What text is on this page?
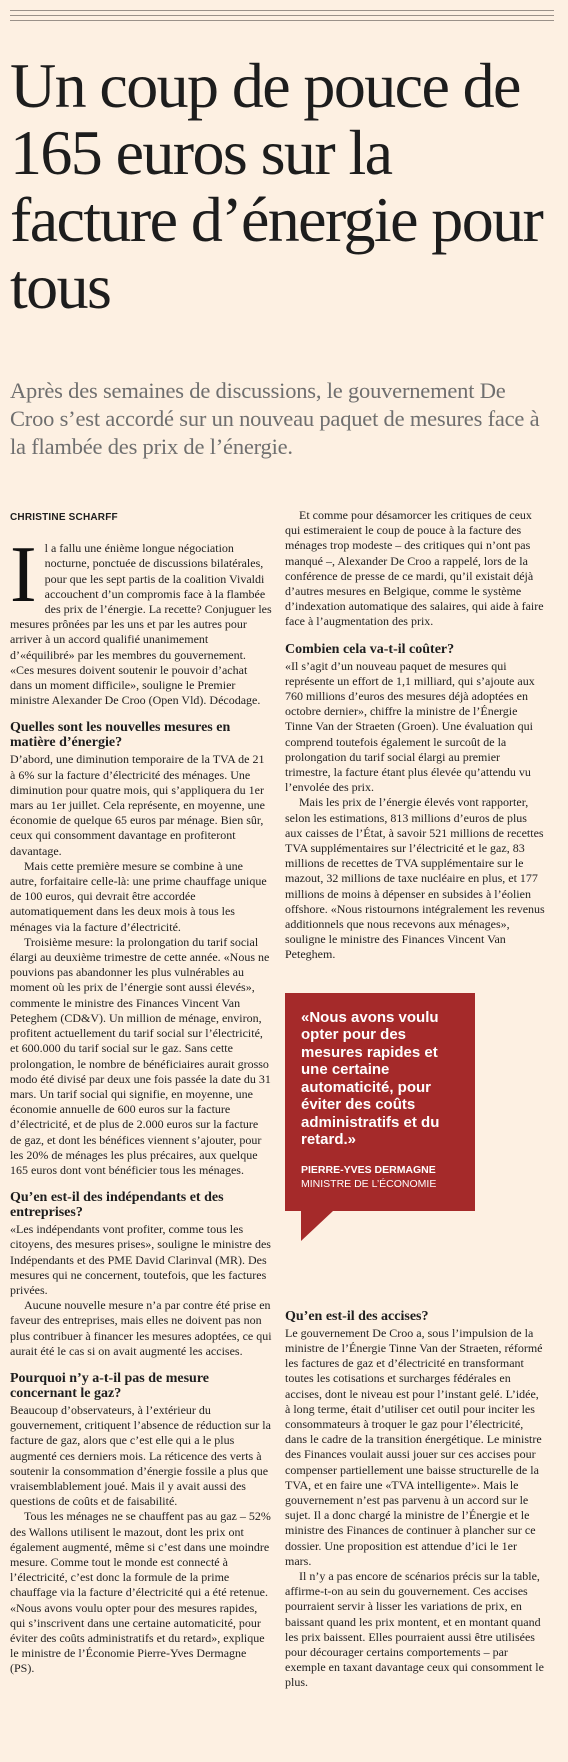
Un coup de pouce de 165 euros sur la facture d’énergie pour tous

Après des semaines de discussions, le gouvernement De Croo s’est accordé sur un nouveau paquet de mesures face à la flambée des prix de l’énergie.

CHRISTINE SCHARFF

Il a fallu une énième longue négociation nocturne, ponctuée de discussions bilatérales, pour que les sept partis de la coalition Vivaldi accouchent d’un compromis face à la flambée des prix de l’énergie. La recette? Conjuguer les mesures prônées par les uns et par les autres pour arriver à un accord qualifié unanimement d’«équilibré» par les membres du gouvernement. «Ces mesures doivent soutenir le pouvoir d’achat dans un moment difficile», souligne le Premier ministre Alexander De Croo (Open Vld). Décodage.

Quelles sont les nouvelles mesures en matière d’énergie?

D’abord, une diminution temporaire de la TVA de 21 à 6% sur la facture d’électricité des ménages. Une diminution pour quatre mois, qui s’appliquera du 1er mars au 1er juillet. Cela représente, en moyenne, une économie de quelque 65 euros par ménage. Bien sûr, ceux qui consomment davantage en profiteront davantage.

Mais cette première mesure se combine à une autre, forfaitaire celle-là: une prime chauffage unique de 100 euros, qui devrait être accordée automatiquement dans les deux mois à tous les ménages via la facture d’électricité.

Troisième mesure: la prolongation du tarif social élargi au deuxième trimestre de cette année. «Nous ne pouvions pas abandonner les plus vulnérables au moment où les prix de l’énergie sont aussi élevés», commente le ministre des Finances Vincent Van Peteghem (CD&V). Un million de ménage, environ, profitent actuellement du tarif social sur l’électricité, et 600.000 du tarif social sur le gaz. Sans cette prolongation, le nombre de bénéficiaires aurait grosso modo été divisé par deux une fois passée la date du 31 mars. Un tarif social qui signifie, en moyenne, une économie annuelle de 600 euros sur la facture d’électricité, et de plus de 2.000 euros sur la facture de gaz, et dont les bénéfices viennent s’ajouter, pour les 20% de ménages les plus précaires, aux quelque 165 euros dont vont bénéficier tous les ménages.

Qu’en est-il des indépendants et des entreprises?

«Les indépendants vont profiter, comme tous les citoyens, des mesures prises», souligne le ministre des Indépendants et des PME David Clarinval (MR). Des mesures qui ne concernent, toutefois, que les factures privées.

Aucune nouvelle mesure n’a par contre été prise en faveur des entreprises, mais elles ne doivent pas non plus contribuer à financer les mesures adoptées, ce qui aurait été le cas si on avait augmenté les accises.

Pourquoi n’y a-t-il pas de mesure concernant le gaz?

Beaucoup d’observateurs, à l’extérieur du gouvernement, critiquent l’absence de réduction sur la facture de gaz, alors que c’est elle qui a le plus augmenté ces derniers mois. La réticence des verts à soutenir la consommation d’énergie fossile a plus que vraisemblablement joué. Mais il y avait aussi des questions de coûts et de faisabilité.

Tous les ménages ne se chauffent pas au gaz – 52% des Wallons utilisent le mazout, dont les prix ont également augmenté, même si c’est dans une moindre mesure. Comme tout le monde est connecté à l’électricité, c’est donc la formule de la prime chauffage via la facture d’électricité qui a été retenue. «Nous avons voulu opter pour des mesures rapides, qui s’inscrivent dans une certaine automaticité, pour éviter des coûts administratifs et du retard», explique le ministre de l’Économie Pierre-Yves Dermagne (PS).

Et comme pour désamorcer les critiques de ceux qui estimeraient le coup de pouce à la facture des ménages trop modeste – des critiques qui n’ont pas manqué –, Alexander De Croo a rappelé, lors de la conférence de presse de ce mardi, qu’il existait déjà d’autres mesures en Belgique, comme le système d’indexation automatique des salaires, qui aide à faire face à l’augmentation des prix.

Combien cela va-t-il coûter?

«Il s’agit d’un nouveau paquet de mesures qui représente un effort de 1,1 milliard, qui s’ajoute aux 760 millions d’euros des mesures déjà adoptées en octobre dernier», chiffre la ministre de l’Énergie Tinne Van der Straeten (Groen). Une évaluation qui comprend toutefois également le surcoût de la prolongation du tarif social élargi au premier trimestre, la facture étant plus élevée qu’attendu vu l’envolée des prix.

Mais les prix de l’énergie élevés vont rapporter, selon les estimations, 813 millions d’euros de plus aux caisses de l’État, à savoir 521 millions de recettes TVA supplémentaires sur l’électricité et le gaz, 83 millions de recettes de TVA supplémentaire sur le mazout, 32 millions de taxe nucléaire en plus, et 177 millions de moins à dépenser en subsides à l’éolien offshore. «Nous ristournons intégralement les revenus additionnels que nous recevons aux ménages», souligne le ministre des Finances Vincent Van Peteghem.

«Nous avons voulu opter pour des mesures rapides et une certaine automaticité, pour éviter des coûts administratifs et du retard.»
PIERRE-YVES DERMAGNE
MINISTRE DE L’ÉCONOMIE
Qu’en est-il des accises?

Le gouvernement De Croo a, sous l’impulsion de la ministre de l’Énergie Tinne Van der Straeten, réformé les factures de gaz et d’électricité en transformant toutes les cotisations et surcharges fédérales en accises, dont le niveau est pour l’instant gelé. L’idée, à long terme, était d’utiliser cet outil pour inciter les consommateurs à troquer le gaz pour l’électricité, dans le cadre de la transition énergétique. Le ministre des Finances voulait aussi jouer sur ces accises pour compenser partiellement une baisse structurelle de la TVA, et en faire une «TVA intelligente». Mais le gouvernement n’est pas parvenu à un accord sur le sujet. Il a donc chargé la ministre de l’Énergie et le ministre des Finances de continuer à plancher sur ce dossier. Une proposition est attendue d’ici le 1er mars.

Il n’y a pas encore de scénarios précis sur la table, affirme-t-on au sein du gouvernement. Ces accises pourraient servir à lisser les variations de prix, en baissant quand les prix montent, et en montant quand les prix baissent. Elles pourraient aussi être utilisées pour décourager certains comportements – par exemple en taxant davantage ceux qui consomment le plus.
